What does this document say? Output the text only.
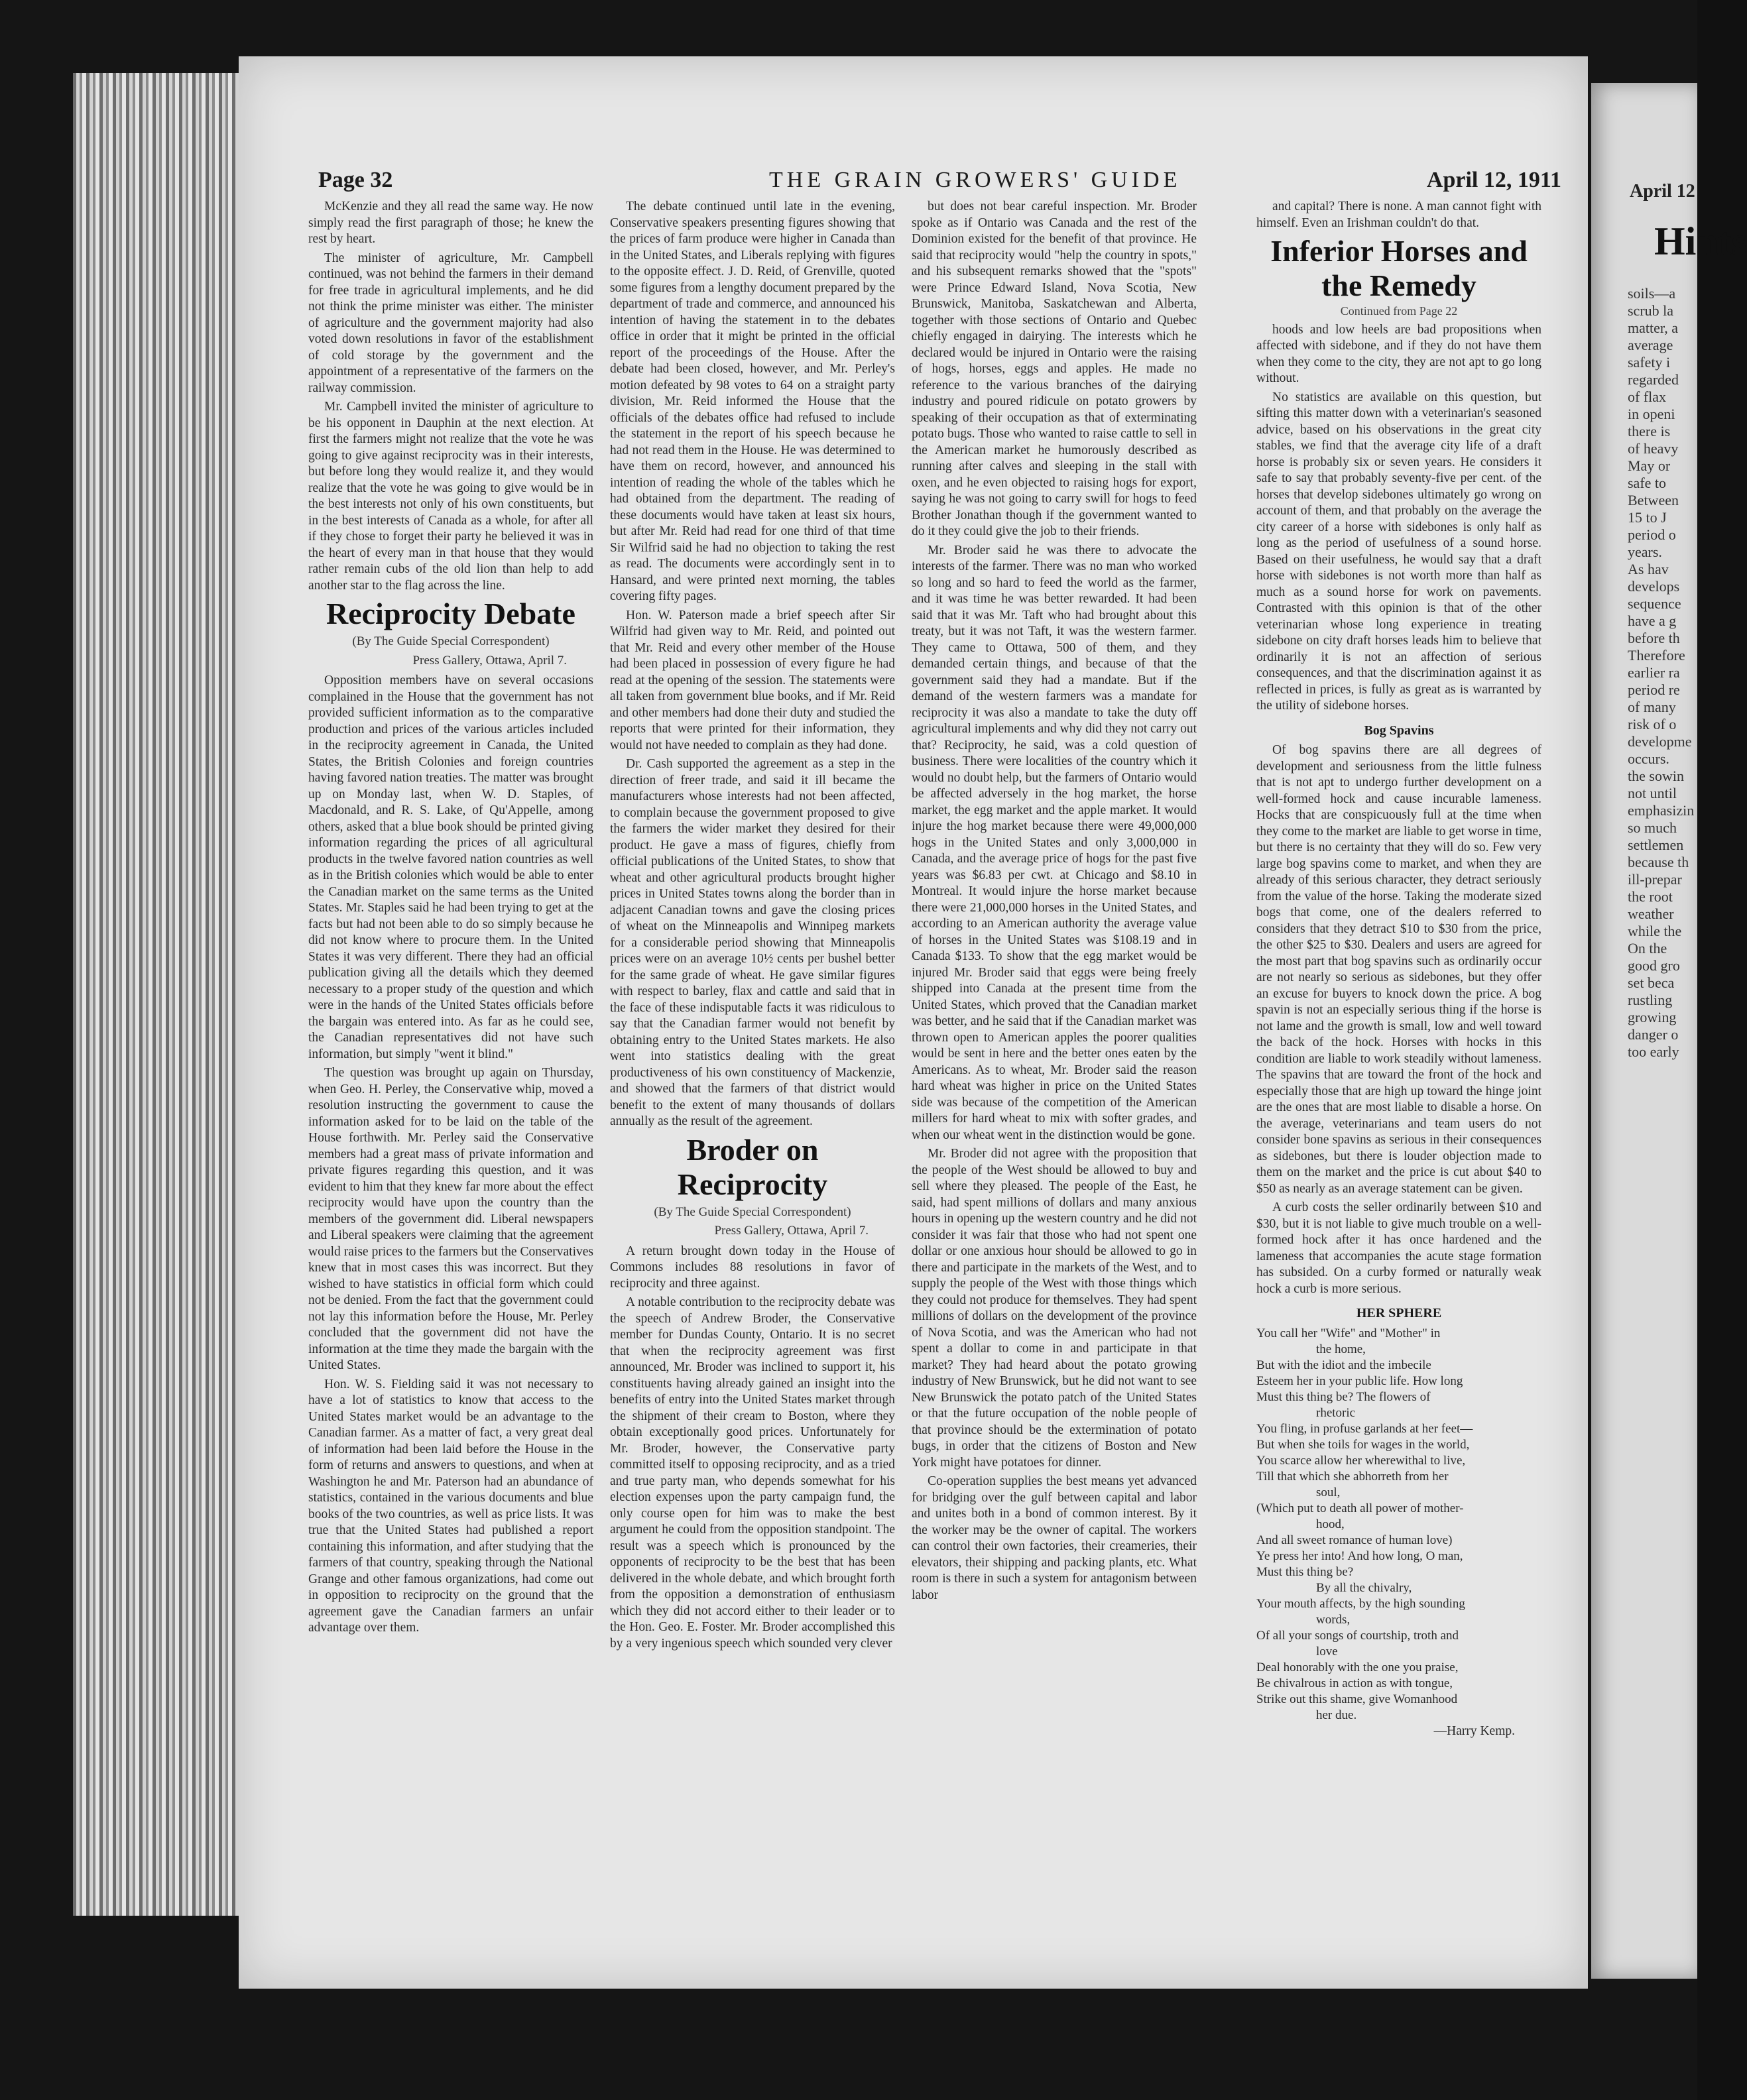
Page 32	THE GRAIN GROWERS' GUIDE	April 12, 1911

McKenzie and they all read the same way. He now simply read the first paragraph of those; he knew the rest by heart.

The minister of agriculture, Mr. Campbell continued, was not behind the farmers in their demand for free trade in agricultural implements, and he did not think the prime minister was either. The minister of agriculture and the government majority had also voted down resolutions in favor of the establishment of cold storage by the government and the appointment of a representative of the farmers on the railway commission.

Mr. Campbell invited the minister of agriculture to be his opponent in Dauphin at the next election. At first the farmers might not realize that the vote he was going to give against reciprocity was in their interests, but before long they would realize it, and they would realize that the vote he was going to give would be in the best interests not only of his own constituents, but in the best interests of Canada as a whole, for after all if they chose to forget their party he believed it was in the heart of every man in that house that they would rather remain cubs of the old lion than help to add another star to the flag across the line.

Reciprocity Debate

(By The Guide Special Correspondent)

Press Gallery, Ottawa, April 7.

Opposition members have on several occasions complained in the House that the government has not provided sufficient information as to the comparative production and prices of the various articles included in the reciprocity agreement in Canada, the United States, the British Colonies and foreign countries having favored nation treaties. The matter was brought up on Monday last, when W. D. Staples, of Macdonald, and R. S. Lake, of Qu'Appelle, among others, asked that a blue book should be printed giving information regarding the prices of all agricultural products in the twelve favored nation countries as well as in the British colonies which would be able to enter the Canadian market on the same terms as the United States. Mr. Staples said he had been trying to get at the facts but had not been able to do so simply because he did not know where to procure them. In the United States it was very different. There they had an official publication giving all the details which they deemed necessary to a proper study of the question and which were in the hands of the United States officials before the bargain was entered into. As far as he could see, the Canadian representatives did not have such information, but simply "went it blind."

The question was brought up again on Thursday, when Geo. H. Perley, the Conservative whip, moved a resolution instructing the government to cause the information asked for to be laid on the table of the House forthwith. Mr. Perley said the Conservative members had a great mass of private information and private figures regarding this question, and it was evident to him that they knew far more about the effect reciprocity would have upon the country than the members of the government did. Liberal newspapers and Liberal speakers were claiming that the agreement would raise prices to the farmers but the Conservatives knew that in most cases this was incorrect. But they wished to have statistics in official form which could not be denied. From the fact that the government could not lay this information before the House, Mr. Perley concluded that the government did not have the information at the time they made the bargain with the United States.

Hon. W. S. Fielding said it was not necessary to have a lot of statistics to know that access to the United States market would be an advantage to the Canadian farmer. As a matter of fact, a very great deal of information had been laid before the House in the form of returns and answers to questions, and when at Washington he and Mr. Paterson had an abundance of statistics, contained in the various documents and blue books of the two countries, as well as price lists. It was true that the United States had published a report containing this information, and after studying that the farmers of that country, speaking through the National Grange and other famous organizations, had come out in opposition to reciprocity on the ground that the agreement gave the Canadian farmers an unfair advantage over them.

The debate continued until late in the evening, Conservative speakers presenting figures showing that the prices of farm produce were higher in Canada than in the United States, and Liberals replying with figures to the opposite effect. J. D. Reid, of Grenville, quoted some figures from a lengthy document prepared by the department of trade and commerce, and announced his intention of having the statement in to the debates office in order that it might be printed in the official report of the proceedings of the House. After the debate had been closed, however, and Mr. Perley's motion defeated by 98 votes to 64 on a straight party division, Mr. Reid informed the House that the officials of the debates office had refused to include the statement in the report of his speech because he had not read them in the House. He was determined to have them on record, however, and announced his intention of reading the whole of the tables which he had obtained from the department. The reading of these documents would have taken at least six hours, but after Mr. Reid had read for one third of that time Sir Wilfrid said he had no objection to taking the rest as read. The documents were accordingly sent in to Hansard, and were printed next morning, the tables covering fifty pages.

Hon. W. Paterson made a brief speech after Sir Wilfrid had given way to Mr. Reid, and pointed out that Mr. Reid and every other member of the House had been placed in possession of every figure he had read at the opening of the session. The statements were all taken from government blue books, and if Mr. Reid and other members had done their duty and studied the reports that were printed for their information, they would not have needed to complain as they had done.

Dr. Cash supported the agreement as a step in the direction of freer trade, and said it ill became the manufacturers whose interests had not been affected, to complain because the government proposed to give the farmers the wider market they desired for their product. He gave a mass of figures, chiefly from official publications of the United States, to show that wheat and other agricultural products brought higher prices in United States towns along the border than in adjacent Canadian towns and gave the closing prices of wheat on the Minneapolis and Winnipeg markets for a considerable period showing that Minneapolis prices were on an average 10½ cents per bushel better for the same grade of wheat. He gave similar figures with respect to barley, flax and cattle and said that in the face of these indisputable facts it was ridiculous to say that the Canadian farmer would not benefit by obtaining entry to the United States markets. He also went into statistics dealing with the great productiveness of his own constituency of Mackenzie, and showed that the farmers of that district would benefit to the extent of many thousands of dollars annually as the result of the agreement.

Broder on Reciprocity

(By The Guide Special Correspondent)

Press Gallery, Ottawa, April 7.

A return brought down today in the House of Commons includes 88 resolutions in favor of reciprocity and three against.

A notable contribution to the reciprocity debate was the speech of Andrew Broder, the Conservative member for Dundas County, Ontario. It is no secret that when the reciprocity agreement was first announced, Mr. Broder was inclined to support it, his constituents having already gained an insight into the benefits of entry into the United States market through the shipment of their cream to Boston, where they obtain exceptionally good prices. Unfortunately for Mr. Broder, however, the Conservative party committed itself to opposing reciprocity, and as a tried and true party man, who depends somewhat for his election expenses upon the party campaign fund, the only course open for him was to make the best argument he could from the opposition standpoint. The result was a speech which is pronounced by the opponents of reciprocity to be the best that has been delivered in the whole debate, and which brought forth from the opposition a demonstration of enthusiasm which they did not accord either to their leader or to the Hon. Geo. E. Foster. Mr. Broder accomplished this by a very ingenious speech which sounded very clever

but does not bear careful inspection. Mr. Broder spoke as if Ontario was Canada and the rest of the Dominion existed for the benefit of that province. He said that reciprocity would "help the country in spots," and his subsequent remarks showed that the "spots" were Prince Edward Island, Nova Scotia, New Brunswick, Manitoba, Saskatchewan and Alberta, together with those sections of Ontario and Quebec chiefly engaged in dairying. The interests which he declared would be injured in Ontario were the raising of hogs, horses, eggs and apples. He made no reference to the various branches of the dairying industry and poured ridicule on potato growers by speaking of their occupation as that of exterminating potato bugs. Those who wanted to raise cattle to sell in the American market he humorously described as running after calves and sleeping in the stall with oxen, and he even objected to raising hogs for export, saying he was not going to carry swill for hogs to feed Brother Jonathan though if the government wanted to do it they could give the job to their friends.

Mr. Broder said he was there to advocate the interests of the farmer. There was no man who worked so long and so hard to feed the world as the farmer, and it was time he was better rewarded. It had been said that it was Mr. Taft who had brought about this treaty, but it was not Taft, it was the western farmer. They came to Ottawa, 500 of them, and they demanded certain things, and because of that the government said they had a mandate. But if the demand of the western farmers was a mandate for reciprocity it was also a mandate to take the duty off agricultural implements and why did they not carry out that? Reciprocity, he said, was a cold question of business. There were localities of the country which it would no doubt help, but the farmers of Ontario would be affected adversely in the hog market, the horse market, the egg market and the apple market. It would injure the hog market because there were 49,000,000 hogs in the United States and only 3,000,000 in Canada, and the average price of hogs for the past five years was $6.83 per cwt. at Chicago and $8.10 in Montreal. It would injure the horse market because there were 21,000,000 horses in the United States, and according to an American authority the average value of horses in the United States was $108.19 and in Canada $133. To show that the egg market would be injured Mr. Broder said that eggs were being freely shipped into Canada at the present time from the United States, which proved that the Canadian market was better, and he said that if the Canadian market was thrown open to American apples the poorer qualities would be sent in here and the better ones eaten by the Americans. As to wheat, Mr. Broder said the reason hard wheat was higher in price on the United States side was because of the competition of the American millers for hard wheat to mix with softer grades, and when our wheat went in the distinction would be gone.

Mr. Broder did not agree with the proposition that the people of the West should be allowed to buy and sell where they pleased. The people of the East, he said, had spent millions of dollars and many anxious hours in opening up the western country and he did not consider it was fair that those who had not spent one dollar or one anxious hour should be allowed to go in there and participate in the markets of the West, and to supply the people of the West with those things which they could not produce for themselves. They had spent millions of dollars on the development of the province of Nova Scotia, and was the American who had not spent a dollar to come in and participate in that market? They had heard about the potato growing industry of New Brunswick, but he did not want to see New Brunswick the potato patch of the United States or that the future occupation of the noble people of that province should be the extermination of potato bugs, in order that the citizens of Boston and New York might have potatoes for dinner.

Co-operation supplies the best means yet advanced for bridging over the gulf between capital and labor and unites both in a bond of common interest. By it the worker may be the owner of capital. The workers can control their own factories, their creameries, their elevators, their shipping and packing plants, etc. What room is there in such a system for antagonism between labor

and capital? There is none. A man cannot fight with himself. Even an Irishman couldn't do that.

Inferior Horses and the Remedy

Continued from Page 22

hoods and low heels are bad propositions when affected with sidebone, and if they do not have them when they come to the city, they are not apt to go long without.

No statistics are available on this question, but sifting this matter down with a veterinarian's seasoned advice, based on his observations in the great city stables, we find that the average city life of a draft horse is probably six or seven years. He considers it safe to say that probably seventy-five per cent. of the horses that develop sidebones ultimately go wrong on account of them, and that probably on the average the city career of a horse with sidebones is only half as long as the period of usefulness of a sound horse. Based on their usefulness, he would say that a draft horse with sidebones is not worth more than half as much as a sound horse for work on pavements. Contrasted with this opinion is that of the other veterinarian whose long experience in treating sidebone on city draft horses leads him to believe that ordinarily it is not an affection of serious consequences, and that the discrimination against it as reflected in prices, is fully as great as is warranted by the utility of sidebone horses.

Bog Spavins

Of bog spavins there are all degrees of development and seriousness from the little fulness that is not apt to undergo further development on a well-formed hock and cause incurable lameness. Hocks that are conspicuously full at the time when they come to the market are liable to get worse in time, but there is no certainty that they will do so. Few very large bog spavins come to market, and when they are already of this serious character, they detract seriously from the value of the horse. Taking the moderate sized bogs that come, one of the dealers referred to considers that they detract $10 to $30 from the price, the other $25 to $30. Dealers and users are agreed for the most part that bog spavins such as ordinarily occur are not nearly so serious as sidebones, but they offer an excuse for buyers to knock down the price. A bog spavin is not an especially serious thing if the horse is not lame and the growth is small, low and well toward the back of the hock. Horses with hocks in this condition are liable to work steadily without lameness. The spavins that are toward the front of the hock and especially those that are high up toward the hinge joint are the ones that are most liable to disable a horse. On the average, veterinarians and team users do not consider bone spavins as serious in their consequences as sidebones, but there is louder objection made to them on the market and the price is cut about $40 to $50 as nearly as an average statement can be given.

A curb costs the seller ordinarily between $10 and $30, but it is not liable to give much trouble on a well-formed hock after it has once hardened and the lameness that accompanies the acute stage formation has subsided. On a curby formed or naturally weak hock a curb is more serious.

HER SPHERE

You call her "Wife" and "Mother" in
the home,
But with the idiot and the imbecile
Esteem her in your public life. How long
Must this thing be? The flowers of
rhetoric
You fling, in profuse garlands at her feet—
But when she toils for wages in the world,
You scarce allow her wherewithal to live,
Till that which she abhorreth from her
soul,
(Which put to death all power of mother-
hood,
And all sweet romance of human love)
Ye press her into! And how long, O man,
Must this thing be?
By all the chivalry,
Your mouth affects, by the high sounding
words,
Of all your songs of courtship, troth and
love
Deal honorably with the one you praise,
Be chivalrous in action as with tongue,
Strike out this shame, give Womanhood
her due.

—Harry Kemp.

April 12
Hints
soils—a
scrub la
matter, a
average
safety i
regarded
of flax
in openi
there is
of heavy
May or
safe to
Between
15 to J
period o
years.
As hav
develops
sequence
have a g
before th
Therefore
earlier ra
period re
of many
risk of o
developme
occurs.
the sowin
not until
emphasizin
so much
settlemen
because th
ill-prepar
the root
weather
while the
On the
good gro
set beca
rustling
growing
danger o
too early
